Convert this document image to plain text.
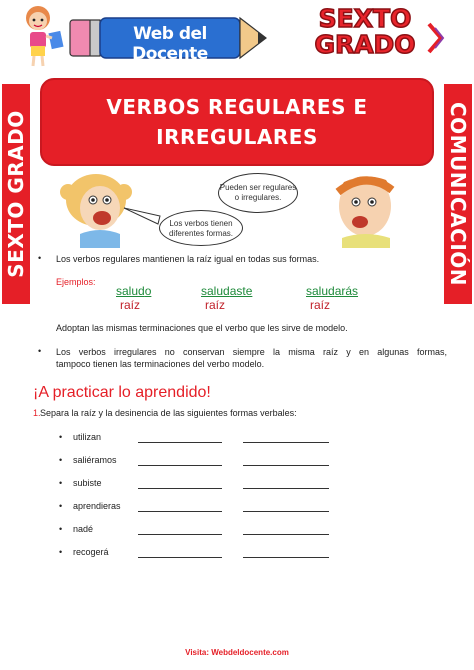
Web del Docente
SEXTO
GRADO
SEXTO GRADO	COMUNICACIÓN
VERBOS REGULARES E
IRREGULARES
Pueden ser regulares
o irregulares.
Los verbos tienen
diferentes formas.
• Los verbos regulares mantienen la raíz igual en todas sus formas.
Ejemplos:
saludo
raíz
saludaste
raíz
saludarás
raíz
Adoptan las mismas terminaciones que el verbo que les sirve de modelo.
• Los verbos irregulares no conservan siempre la misma raíz y en algunas formas,
tampoco tienen las terminaciones del verbo modelo.
¡A practicar lo aprendido!
1. Separa la raíz y la desinencia de las siguientes formas verbales:
• utilizan
• saliéramos
• subiste
• aprendieras
• nadé
• recogerá
Visita: Webdeldocente.com
